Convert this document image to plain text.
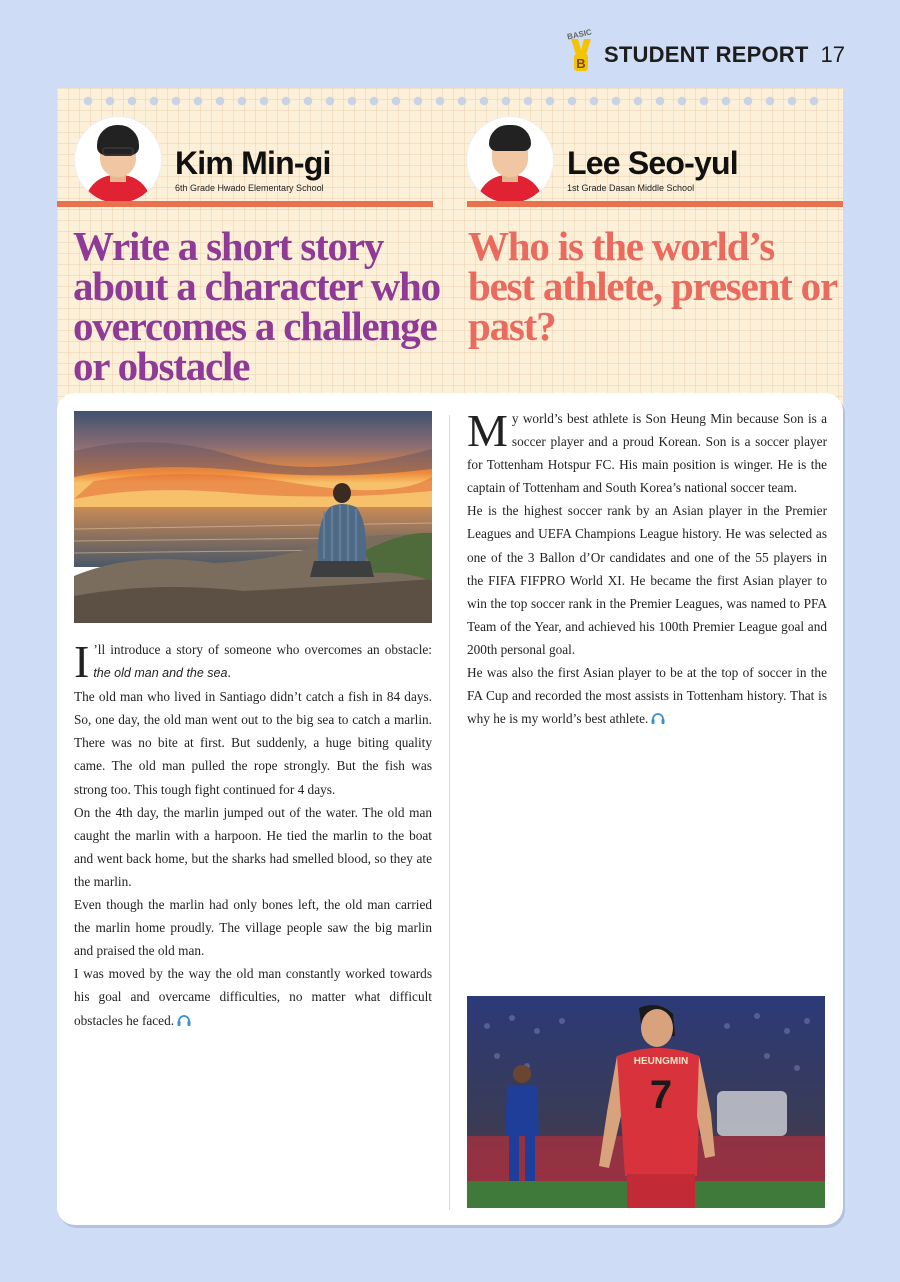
BASIC
B STUDENT REPORT 17
Kim Min-gi
6th Grade Hwado Elementary School
Lee Seo-yul
1st Grade Dasan Middle School
Write a short story about a character who overcomes a challenge or obstacle
Who is the world’s best athlete, present or past?

I ’ll introduce a story of someone who overcomes an obstacle: the old man and the sea.

The old man who lived in Santiago didn’t catch a fish in 84 days. So, one day, the old man went out to the big sea to catch a marlin. There was no bite at first. But suddenly, a huge biting quality came. The old man pulled the rope strongly. But the fish was strong too. This tough fight continued for 4 days.

On the 4th day, the marlin jumped out of the water. The old man caught the marlin with a harpoon. He tied the marlin to the boat and went back home, but the sharks had smelled blood, so they ate the marlin.

Even though the marlin had only bones left, the old man carried the marlin home proudly. The village people saw the big marlin and praised the old man.

I was moved by the way the old man constantly worked towards his goal and overcame difficulties, no matter what difficult obstacles he faced.

My world’s best athlete is Son Heung Min because Son is a soccer player and a proud Korean. Son is a soccer player for Tottenham Hotspur FC. His main position is winger. He is the captain of Tottenham and South Korea’s national soccer team.

He is the highest soccer rank by an Asian player in the Premier Leagues and UEFA Champions League history. He was selected as one of the 3 Ballon d’Or candidates and one of the 55 players in the FIFA FIFPRO World XI. He became the first Asian player to win the top soccer rank in the Premier Leagues, was named to PFA Team of the Year, and achieved his 100th Premier League goal and 200th personal goal.

He was also the first Asian player to be at the top of soccer in the FA Cup and recorded the most assists in Tottenham history. That is why he is my world’s best athlete.

HEUNGMIN
7
